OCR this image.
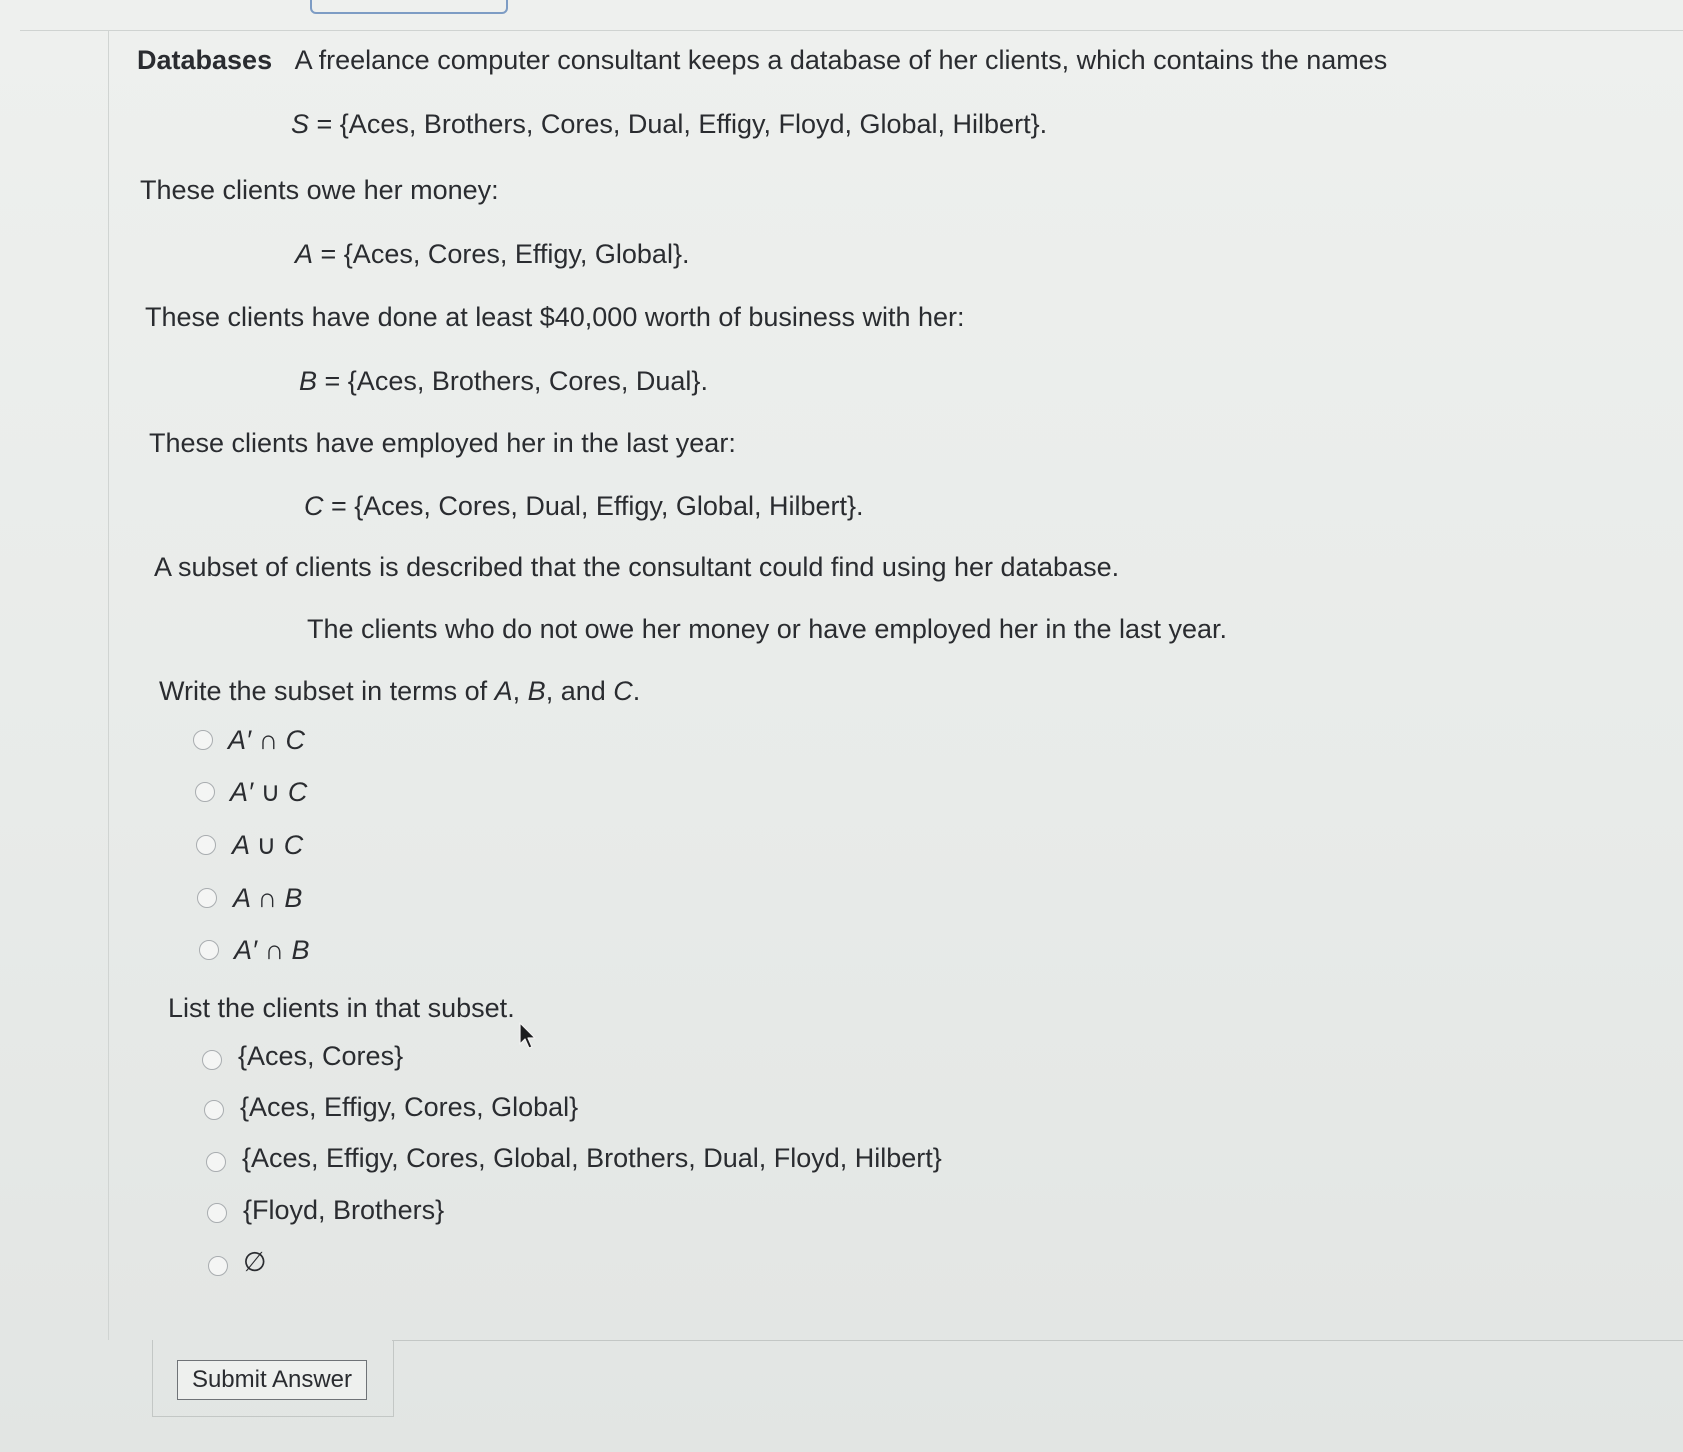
Databases A freelance computer consultant keeps a database of her clients, which contains the names
S = {Aces, Brothers, Cores, Dual, Effigy, Floyd, Global, Hilbert}.
These clients owe her money:
A = {Aces, Cores, Effigy, Global}.
These clients have done at least $40,000 worth of business with her:
B = {Aces, Brothers, Cores, Dual}.
These clients have employed her in the last year:
C = {Aces, Cores, Dual, Effigy, Global, Hilbert}.
A subset of clients is described that the consultant could find using her database.
The clients who do not owe her money or have employed her in the last year.
Write the subset in terms of A, B, and C.
A′ ∩ C
A′ ∪ C
A ∪ C
A ∩ B
A′ ∩ B
List the clients in that subset.
{Aces, Cores}
{Aces, Effigy, Cores, Global}
{Aces, Effigy, Cores, Global, Brothers, Dual, Floyd, Hilbert}
{Floyd, Brothers}
∅
Submit Answer
